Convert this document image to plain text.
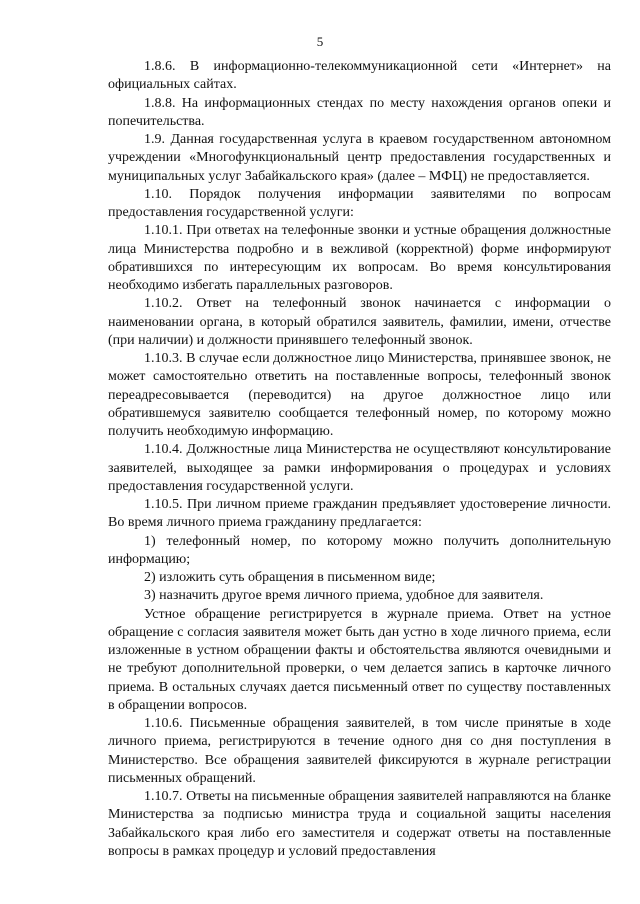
5

1.8.6. В информационно-телекоммуникационной сети «Интернет» на официальных сайтах.

1.8.8. На информационных стендах по месту нахождения органов опеки и попечительства.

1.9. Данная государственная услуга в краевом государственном автономном учреждении «Многофункциональный центр предоставления государственных и муниципальных услуг Забайкальского края» (далее – МФЦ) не предоставляется.

1.10. Порядок получения информации заявителями по вопросам предоставления государственной услуги:

1.10.1. При ответах на телефонные звонки и устные обращения должностные лица Министерства подробно и в вежливой (корректной) форме информируют обратившихся по интересующим их вопросам. Во время консультирования необходимо избегать параллельных разговоров.

1.10.2. Ответ на телефонный звонок начинается с информации о наименовании органа, в который обратился заявитель, фамилии, имени, отчестве (при наличии) и должности принявшего телефонный звонок.

1.10.3. В случае если должностное лицо Министерства, принявшее звонок, не может самостоятельно ответить на поставленные вопросы, телефонный звонок переадресовывается (переводится) на другое должностное лицо или обратившемуся заявителю сообщается телефонный номер, по которому можно получить необходимую информацию.

1.10.4. Должностные лица Министерства не осуществляют консультирование заявителей, выходящее за рамки информирования о процедурах и условиях предоставления государственной услуги.

1.10.5. При личном приеме гражданин предъявляет удостоверение личности. Во время личного приема гражданину предлагается:

1) телефонный номер, по которому можно получить дополнительную информацию;

2) изложить суть обращения в письменном виде;

3) назначить другое время личного приема, удобное для заявителя.

Устное обращение регистрируется в журнале приема. Ответ на устное обращение с согласия заявителя может быть дан устно в ходе личного приема, если изложенные в устном обращении факты и обстоятельства являются очевидными и не требуют дополнительной проверки, о чем делается запись в карточке личного приема. В остальных случаях дается письменный ответ по существу поставленных в обращении вопросов.

1.10.6. Письменные обращения заявителей, в том числе принятые в ходе личного приема, регистрируются в течение одного дня со дня поступления в Министерство. Все обращения заявителей фиксируются в журнале регистрации письменных обращений.

1.10.7. Ответы на письменные обращения заявителей направляются на бланке Министерства за подписью министра труда и социальной защиты населения Забайкальского края либо его заместителя и содержат ответы на поставленные вопросы в рамках процедур и условий предоставления
